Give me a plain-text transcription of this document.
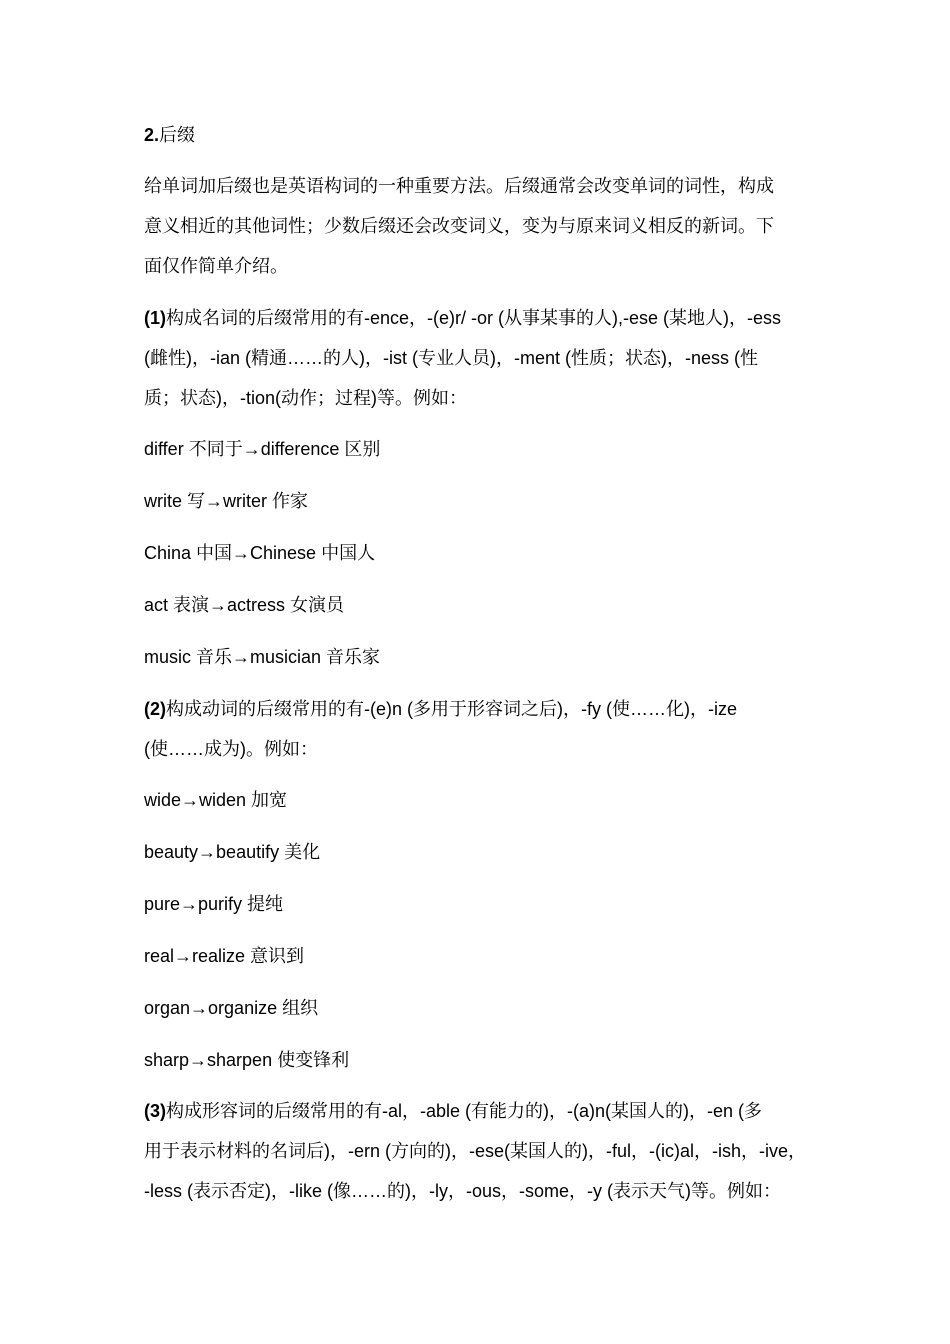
2.后缀
给单词加后缀也是英语构词的一种重要方法。后缀通常会改变单词的词性，构成
意义相近的其他词性；少数后缀还会改变词义，变为与原来词义相反的新词。下
面仅作简单介绍。
(1)构成名词的后缀常用的有-ence，-(e)r/ -or (从事某事的人),-ese (某地人)，-ess
(雌性)，-ian (精通……的人)，-ist (专业人员)，-ment (性质；状态)，-ness (性
质；状态)，-tion(动作；过程)等。例如：
differ 不同于→difference 区别
write 写→writer 作家
China 中国→Chinese 中国人
act 表演→actress 女演员
music 音乐→musician 音乐家
(2)构成动词的后缀常用的有-(e)n (多用于形容词之后)，-fy (使……化)，-ize
(使……成为)。例如：
wide→widen 加宽
beauty→beautify 美化
pure→purify 提纯
real→realize 意识到
organ→organize 组织
sharp→sharpen 使变锋利
(3)构成形容词的后缀常用的有-al，-able (有能力的)，-(a)n(某国人的)，-en (多
用于表示材料的名词后)，-ern (方向的)，-ese(某国人的)，-ful，-(ic)al，-ish，-ive，
-less (表示否定)，-like (像……的)，-ly，-ous，-some，-y (表示天气)等。例如：
